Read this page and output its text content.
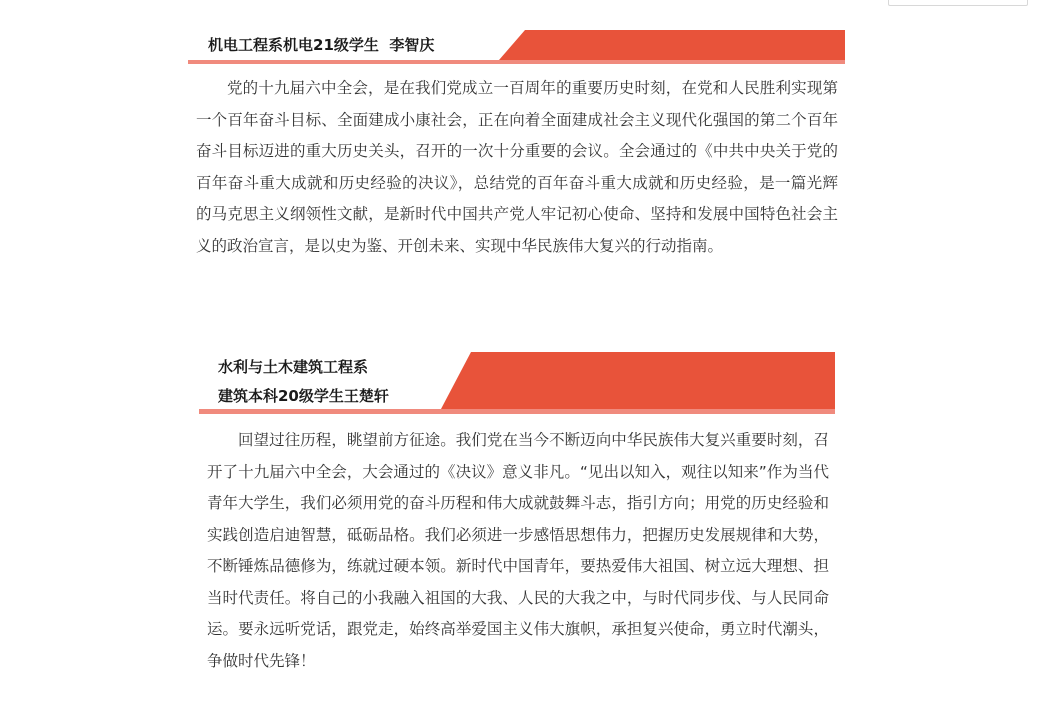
机电工程系机电21级学生  李智庆
党的十九届六中全会，是在我们党成立一百周年的重要历史时刻，在党和人民胜利实现第一个百年奋斗目标、全面建成小康社会，正在向着全面建成社会主义现代化强国的第二个百年奋斗目标迈进的重大历史关头，召开的一次十分重要的会议。全会通过的《中共中央关于党的百年奋斗重大成就和历史经验的决议》，总结党的百年奋斗重大成就和历史经验，是一篇光辉的马克思主义纲领性文献，是新时代中国共产党人牢记初心使命、坚持和发展中国特色社会主义的政治宣言，是以史为鉴、开创未来、实现中华民族伟大复兴的行动指南。
水利与土木建筑工程系
建筑本科20级学生王楚轩
回望过往历程，眺望前方征途。我们党在当今不断迈向中华民族伟大复兴重要时刻，召开了十九届六中全会，大会通过的《决议》意义非凡。“见出以知入，观往以知来”作为当代青年大学生，我们必须用党的奋斗历程和伟大成就鼓舞斗志，指引方向；用党的历史经验和实践创造启迪智慧，砥砺品格。我们必须进一步感悟思想伟力，把握历史发展规律和大势，不断锤炼品德修为，练就过硬本领。新时代中国青年，要热爱伟大祖国、树立远大理想、担当时代责任。将自己的小我融入祖国的大我、人民的大我之中，与时代同步伐、与人民同命运。要永远听党话，跟党走，始终高举爱国主义伟大旗帜，承担复兴使命，勇立时代潮头，争做时代先锋！
